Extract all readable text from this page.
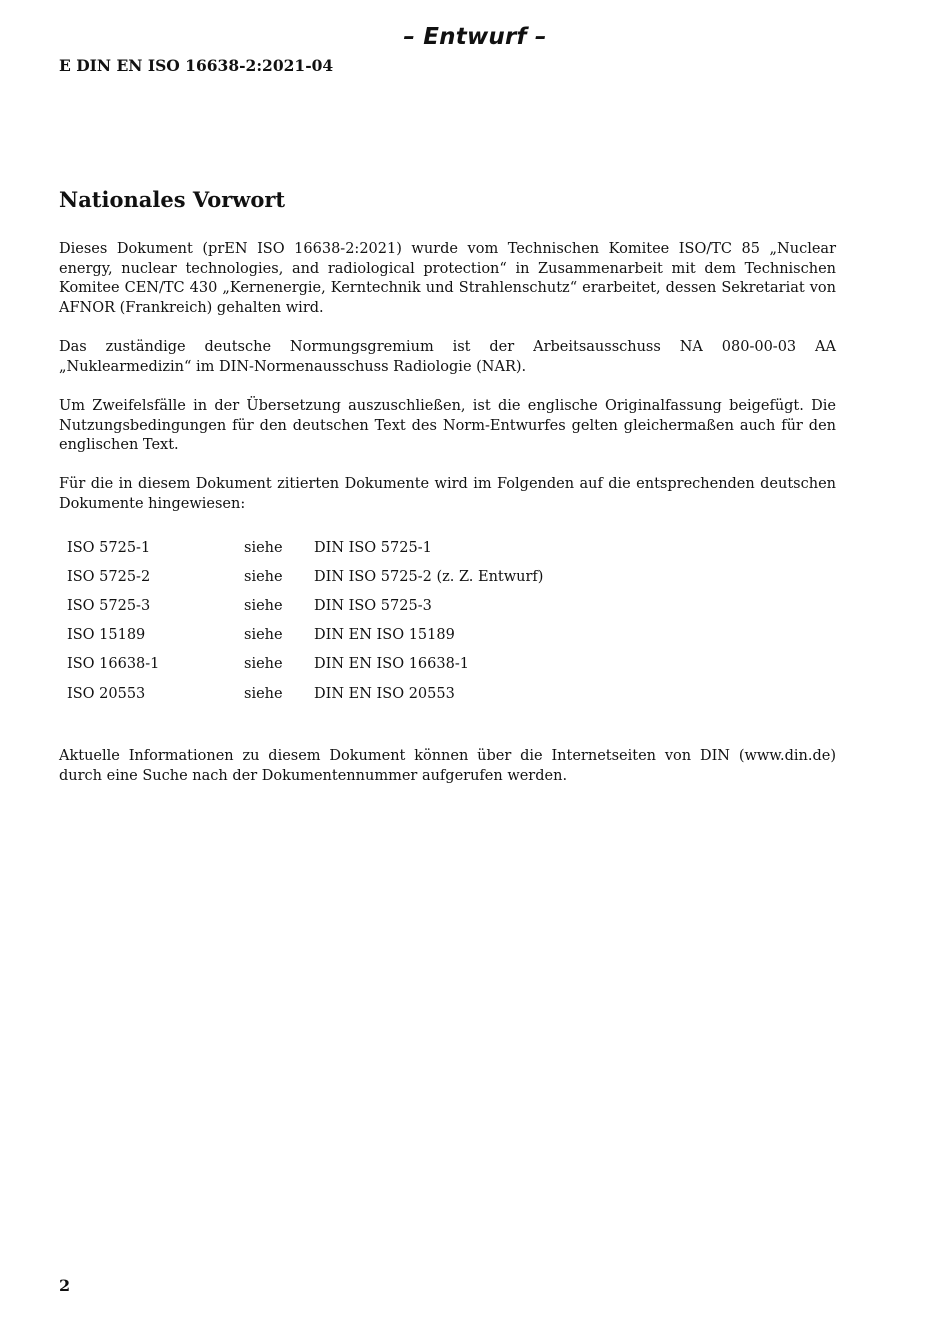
– Entwurf –
E DIN EN ISO 16638-2:2021-04
Nationales Vorwort

Dieses Dokument (prEN ISO 16638-2:2021) wurde vom Technischen Komitee ISO/TC 85 „Nuclear energy, nuclear technologies, and radiological protection“ in Zusammenarbeit mit dem Technischen Komitee CEN/TC 430 „Kernenergie, Kerntechnik und Strahlenschutz“ erarbeitet, dessen Sekretariat von AFNOR (Frankreich) gehalten wird.

Das zuständige deutsche Normungsgremium ist der Arbeitsausschuss NA 080-00-03 AA „Nuklearmedizin“ im DIN-Normenausschuss Radiologie (NAR).

Um Zweifelsfälle in der Übersetzung auszuschließen, ist die englische Originalfassung beigefügt. Die Nutzungsbedingungen für den deutschen Text des Norm-Entwurfes gelten gleichermaßen auch für den englischen Text.

Für die in diesem Dokument zitierten Dokumente wird im Folgenden auf die entsprechenden deutschen Dokumente hingewiesen:

ISO 5725-1	siehe	DIN ISO 5725-1
ISO 5725-2	siehe	DIN ISO 5725-2 (z. Z. Entwurf)
ISO 5725-3	siehe	DIN ISO 5725-3
ISO 15189	siehe	DIN EN ISO 15189
ISO 16638-1	siehe	DIN EN ISO 16638-1
ISO 20553	siehe	DIN EN ISO 20553

Aktuelle Informationen zu diesem Dokument können über die Internetseiten von DIN (www.din.de) durch eine Suche nach der Dokumentennummer aufgerufen werden.

2
